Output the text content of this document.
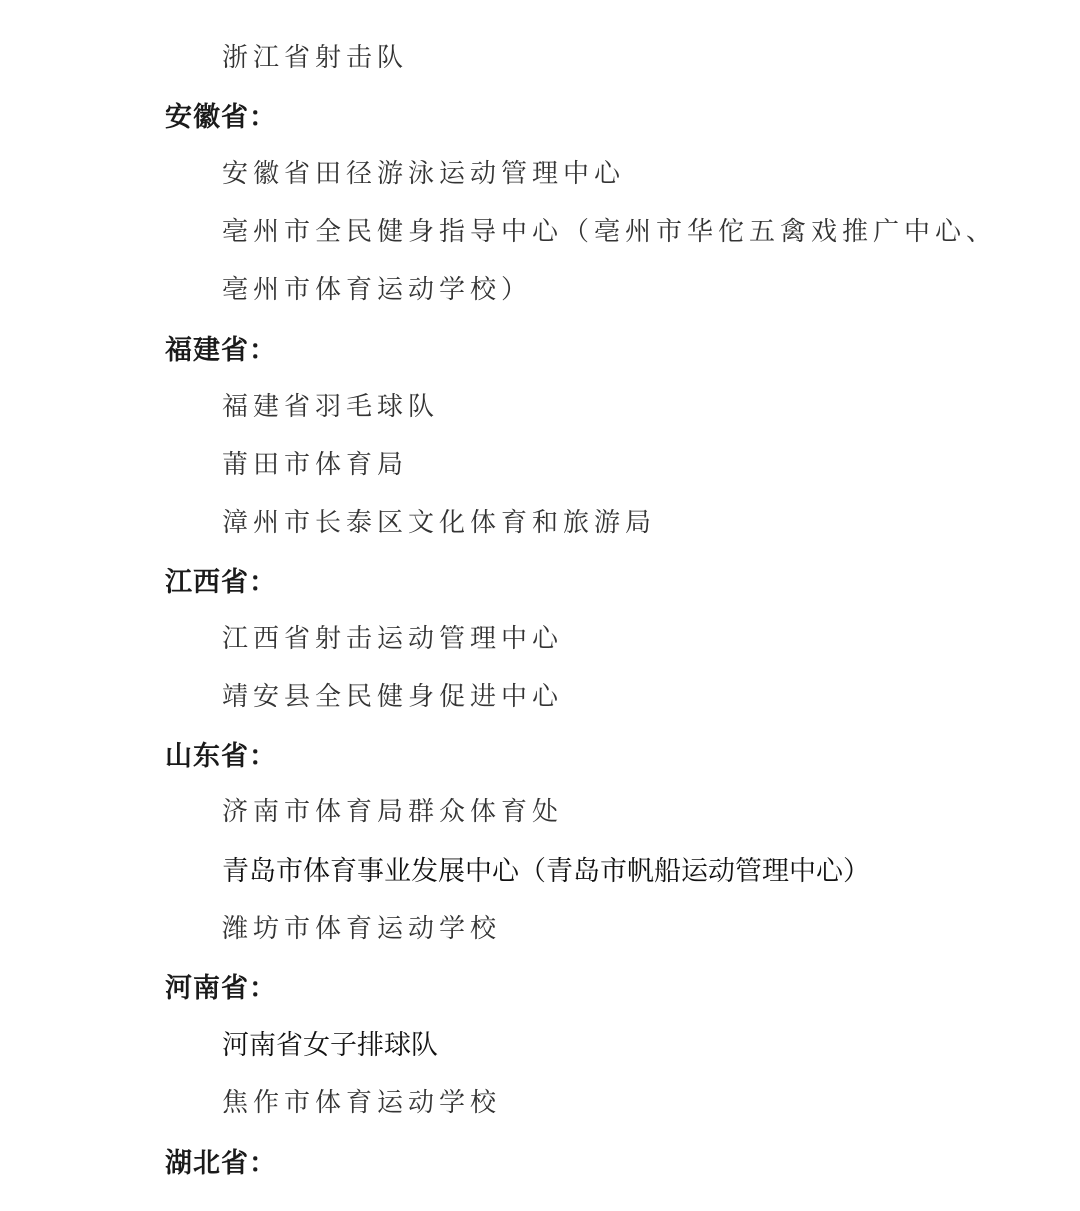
浙江省射击队
安徽省：
安徽省田径游泳运动管理中心
亳州市全民健身指导中心（亳州市华佗五禽戏推广中心、
亳州市体育运动学校）
福建省：
福建省羽毛球队
莆田市体育局
漳州市长泰区文化体育和旅游局
江西省：
江西省射击运动管理中心
靖安县全民健身促进中心
山东省：
济南市体育局群众体育处
青岛市体育事业发展中心（青岛市帆船运动管理中心）
潍坊市体育运动学校
河南省：
河南省女子排球队
焦作市体育运动学校
湖北省：
